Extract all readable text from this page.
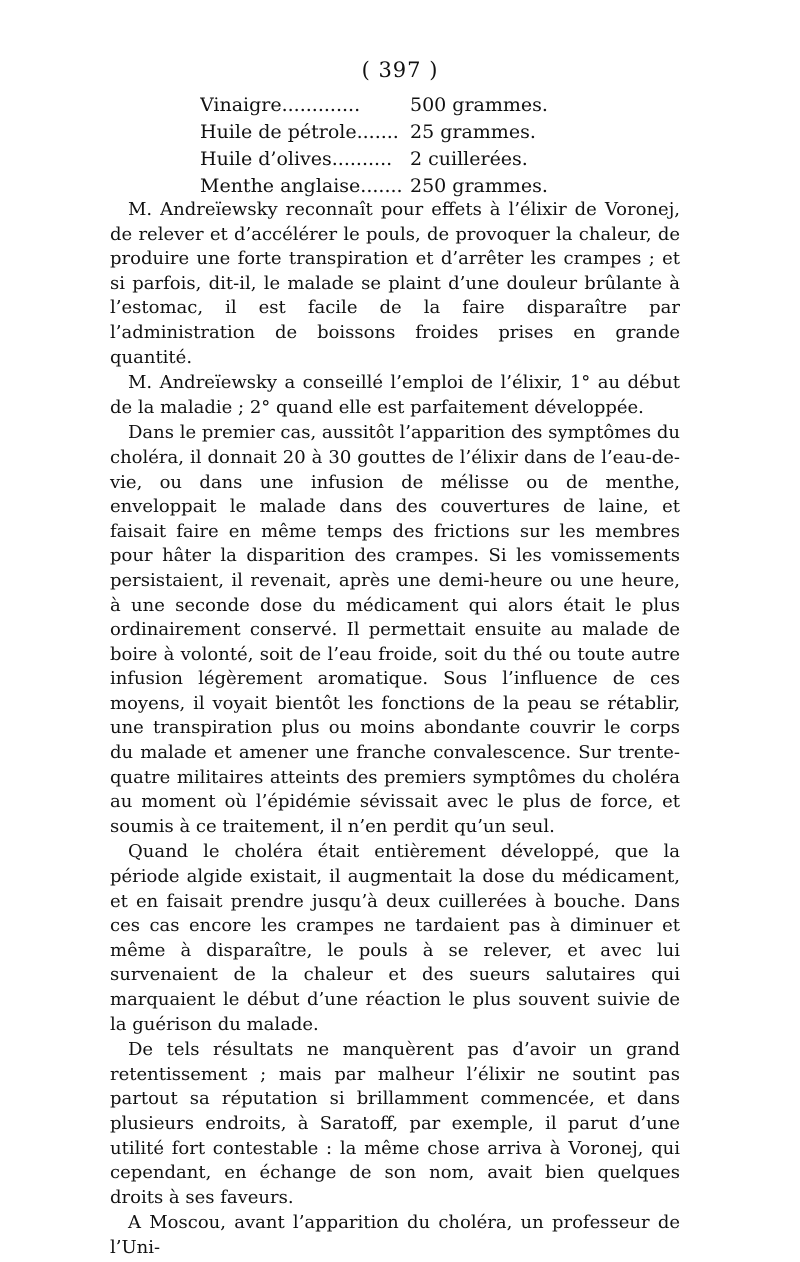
( 397 )
Vinaigre.............	500 grammes.
Huile de pétrole....... 25 grammes.
Huile d’olives.......... 2 cuillerées.
Menthe anglaise....... 250 grammes.

M. Andreïewsky reconnaît pour effets à l’élixir de Voronej, de relever et d’accélérer le pouls, de provoquer la chaleur, de produire une forte transpiration et d’arrêter les crampes ; et si parfois, dit-il, le malade se plaint d’une douleur brûlante à l’estomac, il est facile de la faire disparaître par l’administration de boissons froides prises en grande quantité.

M. Andreïewsky a conseillé l’emploi de l’élixir, 1° au début de la maladie ; 2° quand elle est parfaitement développée.

Dans le premier cas, aussitôt l’apparition des symptômes du choléra, il donnait 20 à 30 gouttes de l’élixir dans de l’eau-de-vie, ou dans une infusion de mélisse ou de menthe, enveloppait le malade dans des couvertures de laine, et faisait faire en même temps des frictions sur les membres pour hâter la disparition des crampes. Si les vomissements persistaient, il revenait, après une demi-heure ou une heure, à une seconde dose du médicament qui alors était le plus ordinairement conservé. Il permettait ensuite au malade de boire à volonté, soit de l’eau froide, soit du thé ou toute autre infusion légèrement aromatique. Sous l’influence de ces moyens, il voyait bientôt les fonctions de la peau se rétablir, une transpiration plus ou moins abondante couvrir le corps du malade et amener une franche convalescence. Sur trente-quatre militaires atteints des premiers symptômes du choléra au moment où l’épidémie sévissait avec le plus de force, et soumis à ce traitement, il n’en perdit qu’un seul.

Quand le choléra était entièrement développé, que la période algide existait, il augmentait la dose du médicament, et en faisait prendre jusqu’à deux cuillerées à bouche. Dans ces cas encore les crampes ne tardaient pas à diminuer et même à disparaître, le pouls à se relever, et avec lui survenaient de la chaleur et des sueurs salutaires qui marquaient le début d’une réaction le plus souvent suivie de la guérison du malade.

De tels résultats ne manquèrent pas d’avoir un grand retentissement ; mais par malheur l’élixir ne soutint pas partout sa réputation si brillamment commencée, et dans plusieurs endroits, à Saratoff, par exemple, il parut d’une utilité fort contestable : la même chose arriva à Voronej, qui cependant, en échange de son nom, avait bien quelques droits à ses faveurs.

A Moscou, avant l’apparition du choléra, un professeur de l’Uni-
